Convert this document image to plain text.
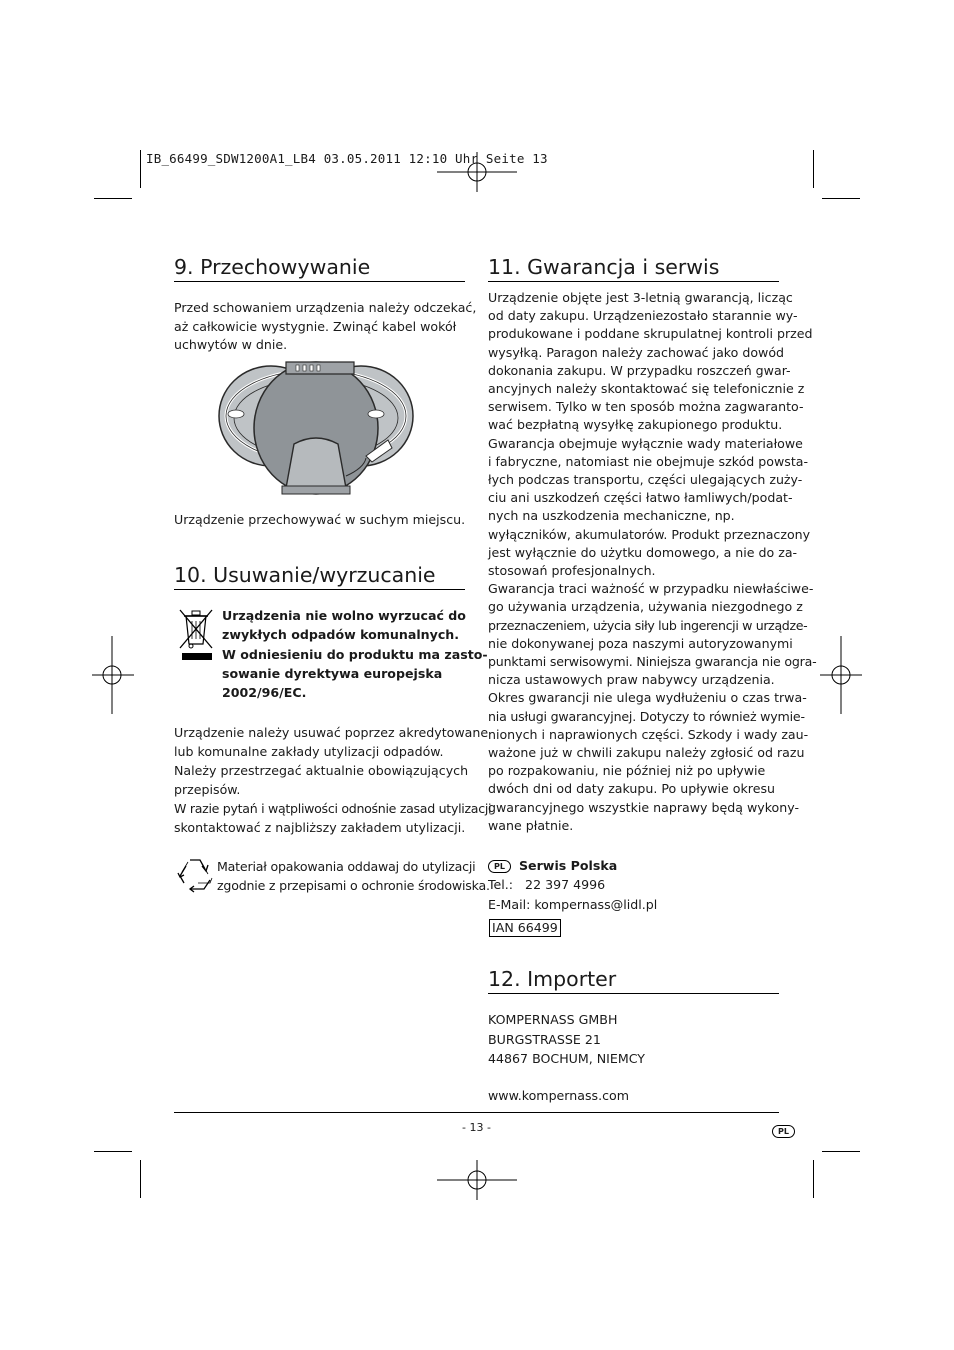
IB_66499_SDW1200A1_LB4 03.05.2011 12:10 Uhr Seite 13
9. Przechowywanie
Przed schowaniem urządzenia należy odczekać,
aż całkowicie wystygnie. Zwinąć kabel wokół
uchwytów w dnie.
Urządzenie przechowywać w suchym miejscu.
10. Usuwanie/wyrzucanie
Urządzenia nie wolno wyrzucać do
zwykłych odpadów komunalnych.
W odniesieniu do produktu ma zasto-
sowanie dyrektywa europejska
2002/96/EC.
Urządzenie należy usuwać poprzez akredytowane
lub komunalne zakłady utylizacji odpadów.
Należy przestrzegać aktualnie obowiązujących
przepisów.
W razie pytań i wątpliwości odnośnie zasad utylizacji
skontaktować z najbliższy zakładem utylizacji.
Materiał opakowania oddawaj do utylizacji
zgodnie z przepisami o ochronie środowiska.
11. Gwarancja i serwis
Urządzenie objęte jest 3-letnią gwarancją, licząc
od daty zakupu. Urządzeniezostało starannie wy-
produkowane i poddane skrupulatnej kontroli przed
wysyłką. Paragon należy zachować jako dowód
dokonania zakupu. W przypadku roszczeń gwar-
ancyjnych należy skontaktować się telefonicznie z
serwisem. Tylko w ten sposób można zagwaranto-
wać bezpłatną wysyłkę zakupionego produktu.
Gwarancja obejmuje wyłącznie wady materiałowe
i fabryczne, natomiast nie obejmuje szkód powsta-
łych podczas transportu, części ulegających zuży-
ciu ani uszkodzeń części łatwo łamliwych/podat-
nych na uszkodzenia mechaniczne, np.
wyłączników, akumulatorów. Produkt przeznaczony
jest wyłącznie do użytku domowego, a nie do za-
stosowań profesjonalnych.
Gwarancja traci ważność w przypadku niewłaściwe-
go używania urządzenia, używania niezgodnego z
przeznaczeniem, użycia siły lub ingerencji w urządze-
nie dokonywanej poza naszymi autoryzowanymi
punktami serwisowymi. Niniejsza gwarancja nie ogra-
nicza ustawowych praw nabywcy urządzenia.
Okres gwarancji nie ulega wydłużeniu o czas trwa-
nia usługi gwarancyjnej. Dotyczy to również wymie-
nionych i naprawionych części. Szkody i wady zau-
ważone już w chwili zakupu należy zgłosić od razu
po rozpakowaniu, nie później niż po upływie
dwóch dni od daty zakupu. Po upływie okresu
gwarancyjnego wszystkie naprawy będą wykony-
wane płatnie.
PL Serwis Polska
Tel.:   22 397 4996
E-Mail: kompernass@lidl.pl
IAN 66499
12. Importer
KOMPERNASS GMBH
BURGSTRASSE 21
44867 BOCHUM, NIEMCY
www.kompernass.com
- 13 -	PL
